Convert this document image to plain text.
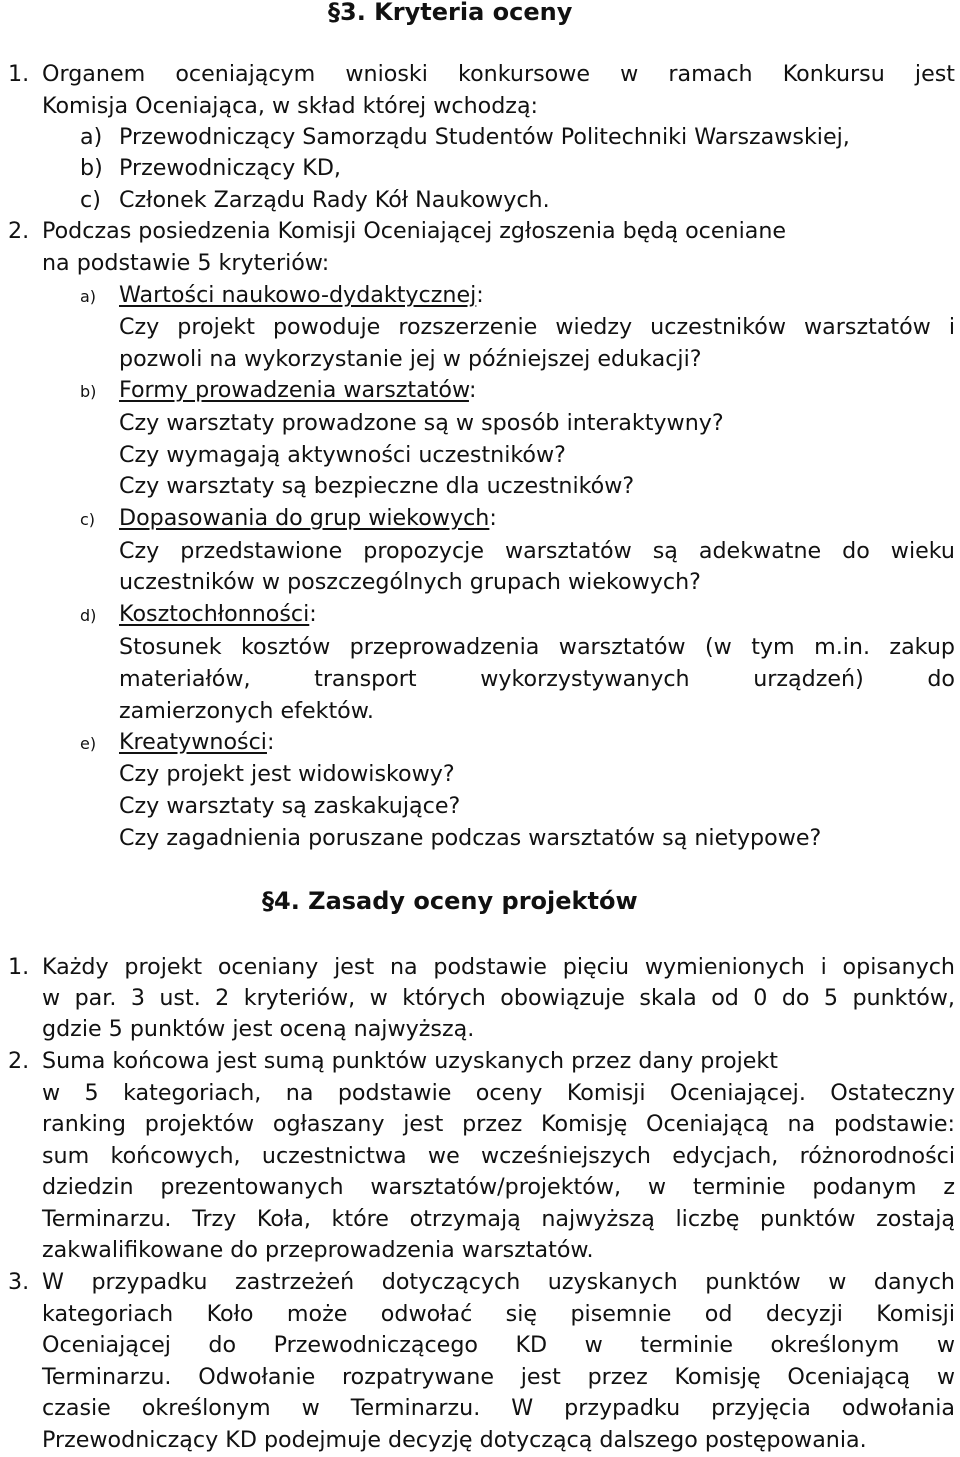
§3. Kryteria oceny
1. Organem oceniającym wnioski konkursowe w ramach Konkursu jest
Komisja Oceniająca, w skład której wchodzą:
a) Przewodniczący Samorządu Studentów Politechniki Warszawskiej,
b) Przewodniczący KD,
c) Członek Zarządu Rady Kół Naukowych.
2. Podczas posiedzenia Komisji Oceniającej zgłoszenia będą oceniane
na podstawie 5 kryteriów:
a) Wartości naukowo-dydaktycznej:
Czy projekt powoduje rozszerzenie wiedzy uczestników warsztatów i
pozwoli na wykorzystanie jej w późniejszej edukacji?
b) Formy prowadzenia warsztatów:
Czy warsztaty prowadzone są w sposób interaktywny?
Czy wymagają aktywności uczestników?
Czy warsztaty są bezpieczne dla uczestników?
c) Dopasowania do grup wiekowych:
Czy przedstawione propozycje warsztatów są adekwatne do wieku
uczestników w poszczególnych grupach wiekowych?
d) Kosztochłonności:
Stosunek kosztów przeprowadzenia warsztatów (w tym m.in. zakup
materiałów, transport wykorzystywanych urządzeń) do
zamierzonych efektów.
e) Kreatywności:
Czy projekt jest widowiskowy?
Czy warsztaty są zaskakujące?
Czy zagadnienia poruszane podczas warsztatów są nietypowe?
§4. Zasady oceny projektów
1. Każdy projekt oceniany jest na podstawie pięciu wymienionych i opisanych
w par. 3 ust. 2 kryteriów, w których obowiązuje skala od 0 do 5 punktów,
gdzie 5 punktów jest oceną najwyższą.
2. Suma końcowa jest sumą punktów uzyskanych przez dany projekt
w 5 kategoriach, na podstawie oceny Komisji Oceniającej. Ostateczny
ranking projektów ogłaszany jest przez Komisję Oceniającą na podstawie:
sum końcowych, uczestnictwa we wcześniejszych edycjach, różnorodności
dziedzin prezentowanych warsztatów/projektów, w terminie podanym z
Terminarzu. Trzy Koła, które otrzymają najwyższą liczbę punktów zostają
zakwalifikowane do przeprowadzenia warsztatów.
3. W przypadku zastrzeżeń dotyczących uzyskanych punktów w danych
kategoriach Koło może odwołać się pisemnie od decyzji Komisji
Oceniającej do Przewodniczącego KD w terminie określonym w
Terminarzu. Odwołanie rozpatrywane jest przez Komisję Oceniającą w
czasie określonym w Terminarzu. W przypadku przyjęcia odwołania
Przewodniczący KD podejmuje decyzję dotyczącą dalszego postępowania.
